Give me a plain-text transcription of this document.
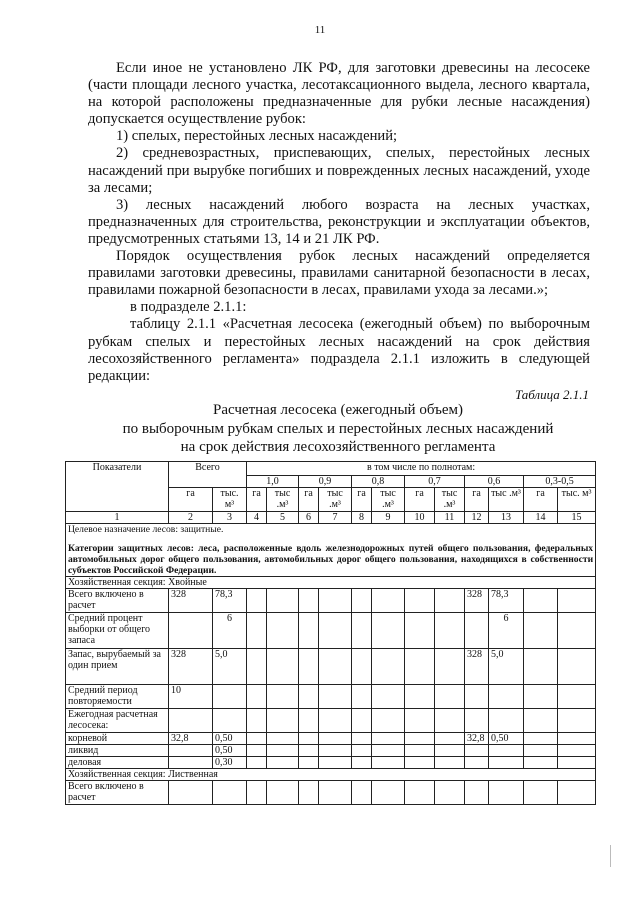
11

Если иное не установлено ЛК РФ, для заготовки древесины на лесосеке (части площади лесного участка, лесотаксационного выдела, лесного квартала, на которой расположены предназначенные для рубки лесные насаждения) допускается осуществление рубок:

1) спелых, перестойных лесных насаждений;

2) средневозрастных, приспевающих, спелых, перестойных лесных насаждений при вырубке погибших и поврежденных лесных насаждений, уходе за лесами;

3) лесных насаждений любого возраста на лесных участках, предназначенных для строительства, реконструкции и эксплуатации объектов, предусмотренных статьями 13, 14 и 21 ЛК РФ.

Порядок осуществления рубок лесных насаждений определяется правилами заготовки древесины, правилами санитарной безопасности в лесах, правилами пожарной безопасности в лесах, правилами ухода за лесами.»;

в подразделе 2.1.1:

таблицу 2.1.1 «Расчетная лесосека (ежегодный объем) по выборочным рубкам спелых и перестойных лесных насаждений на срок действия лесохозяйственного регламента» подраздела 2.1.1 изложить в следующей редакции:

Таблица 2.1.1
Расчетная лесосека (ежегодный объем)
по выборочным рубкам спелых и перестойных лесных насаждений
на срок действия лесохозяйственного регламента
Показатели	Всего		в том числе по полнотам:											
			1,0		0,9		0,8		0,7		0,6		0,3-0,5	
	га	тыс. м³	га	тыс .м³	га	тыс .м³	га	тыс .м³	га	тыс .м³	га	тыс .м³	га	тыс. м³
1	2	3	4	5	6	7	8	9	10	11	12	13	14	15

Целевое назначение лесов: защитные.
Категории защитных лесов: леса, расположенные вдоль железнодорожных путей общего пользования, федеральных автомобильных дорог общего пользования, автомобильных дорог общего пользования, находящихся в собственности субъектов Российской Федерации.														

Хозяйственная секция: Хвойные														
Всего включено в расчет	328	78,3									328	78,3		
Средний процент выборки от общего запаса		6										6		
Запас, вырубаемый за один прием	328	5,0									328	5,0		
Средний период повторяемости	10													
Ежегодная расчетная лесосека:														
корневой	32,8	0,50									32,8	0,50		
ликвид		0,50												
деловая		0,30												
Хозяйственная секция: Лиственная														
Всего включено в расчет														
